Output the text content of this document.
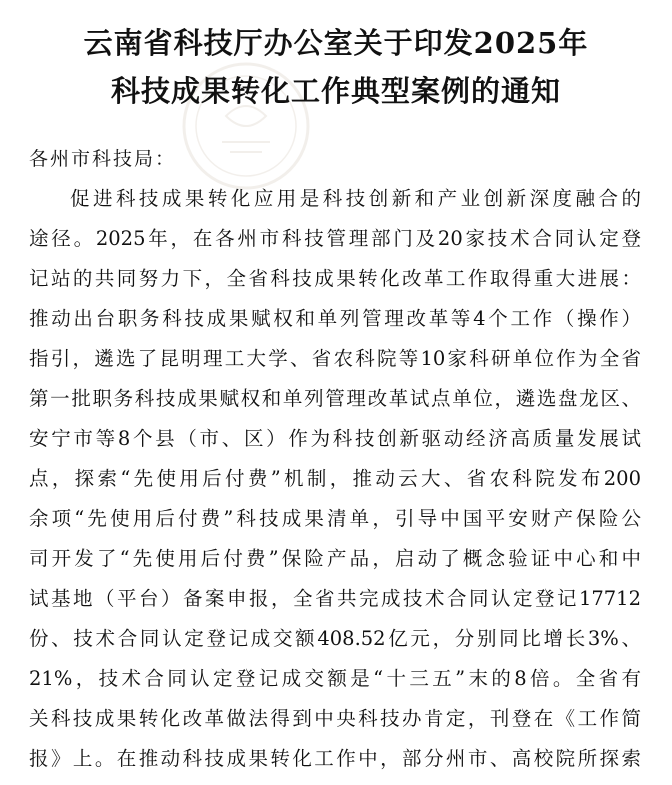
云南省科技厅办公室关于印发2025年
科技成果转化工作典型案例的通知

各州市科技局：

促进科技成果转化应用是科技创新和产业创新深度融合的

途径。2025年，在各州市科技管理部门及20家技术合同认定登

记站的共同努力下，全省科技成果转化改革工作取得重大进展：

推动出台职务科技成果赋权和单列管理改革等4个工作（操作）

指引，遴选了昆明理工大学、省农科院等10家科研单位作为全省

第一批职务科技成果赋权和单列管理改革试点单位，遴选盘龙区、

安宁市等8个县（市、区）作为科技创新驱动经济高质量发展试

点，探索“先使用后付费”机制，推动云大、省农科院发布200

余项“先使用后付费”科技成果清单，引导中国平安财产保险公

司开发了“先使用后付费”保险产品，启动了概念验证中心和中

试基地（平台）备案申报，全省共完成技术合同认定登记17712

份、技术合同认定登记成交额408.52亿元，分别同比增长3%、

21%，技术合同认定登记成交额是“十三五”末的8倍。全省有

关科技成果转化改革做法得到中央科技办肯定，刊登在《工作简

报》上。在推动科技成果转化工作中，部分州市、高校院所探索
